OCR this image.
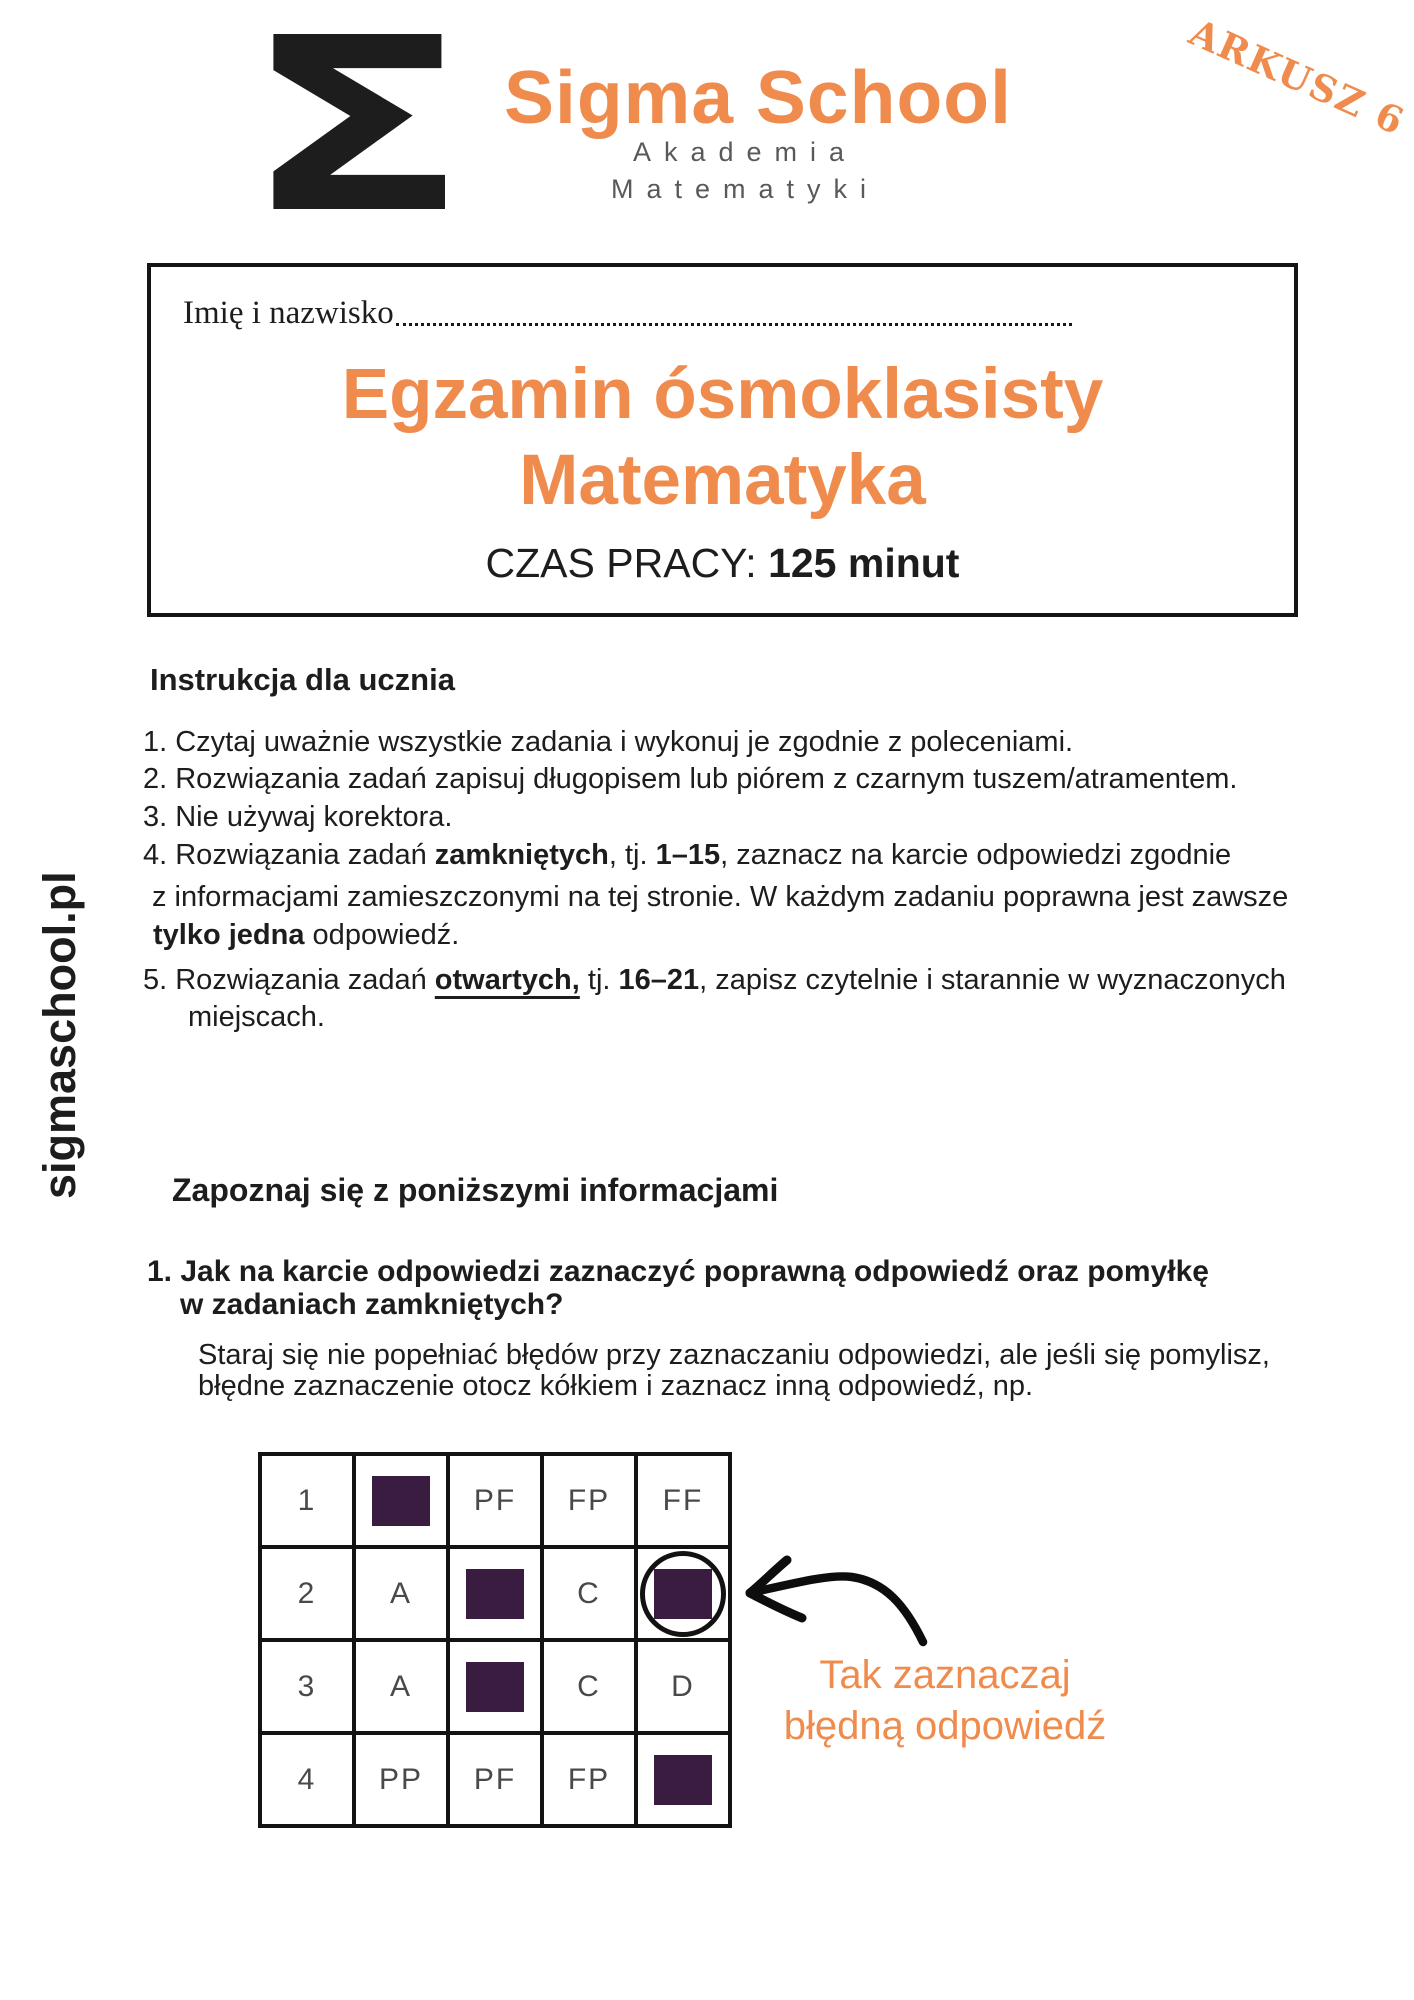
Σ Sigma School
Akademia
Matematyki
ARKUSZ 6
Imię i nazwisko
Egzamin ósmoklasisty
Matematyka
CZAS PRACY: 125 minut
Instrukcja dla ucznia
1. Czytaj uważnie wszystkie zadania i wykonuj je zgodnie z poleceniami.
2. Rozwiązania zadań zapisuj długopisem lub piórem z czarnym tuszem/atramentem.
3. Nie używaj korektora.
4. Rozwiązania zadań zamkniętych, tj. 1–15, zaznacz na karcie odpowiedzi zgodnie
z informacjami zamieszczonymi na tej stronie. W każdym zadaniu poprawna jest zawsze
tylko jedna odpowiedź.
5. Rozwiązania zadań otwartych, tj. 16–21, zapisz czytelnie i starannie w wyznaczonych
miejscach.
sigmaschool.pl	Zapoznaj się z poniższymi informacjami
1. Jak na karcie odpowiedzi zaznaczyć poprawną odpowiedź oraz pomyłkę
w zadaniach zamkniętych?
Staraj się nie popełniać błędów przy zaznaczaniu odpowiedzi, ale jeśli się pomylisz,
błędne zaznaczenie otocz kółkiem i zaznacz inną odpowiedź, np.
1		PF	FP	FF
2	A		C	

3	A		C	D
4	PP	PF	FP	
Tak zaznaczaj
błędną odpowiedź
